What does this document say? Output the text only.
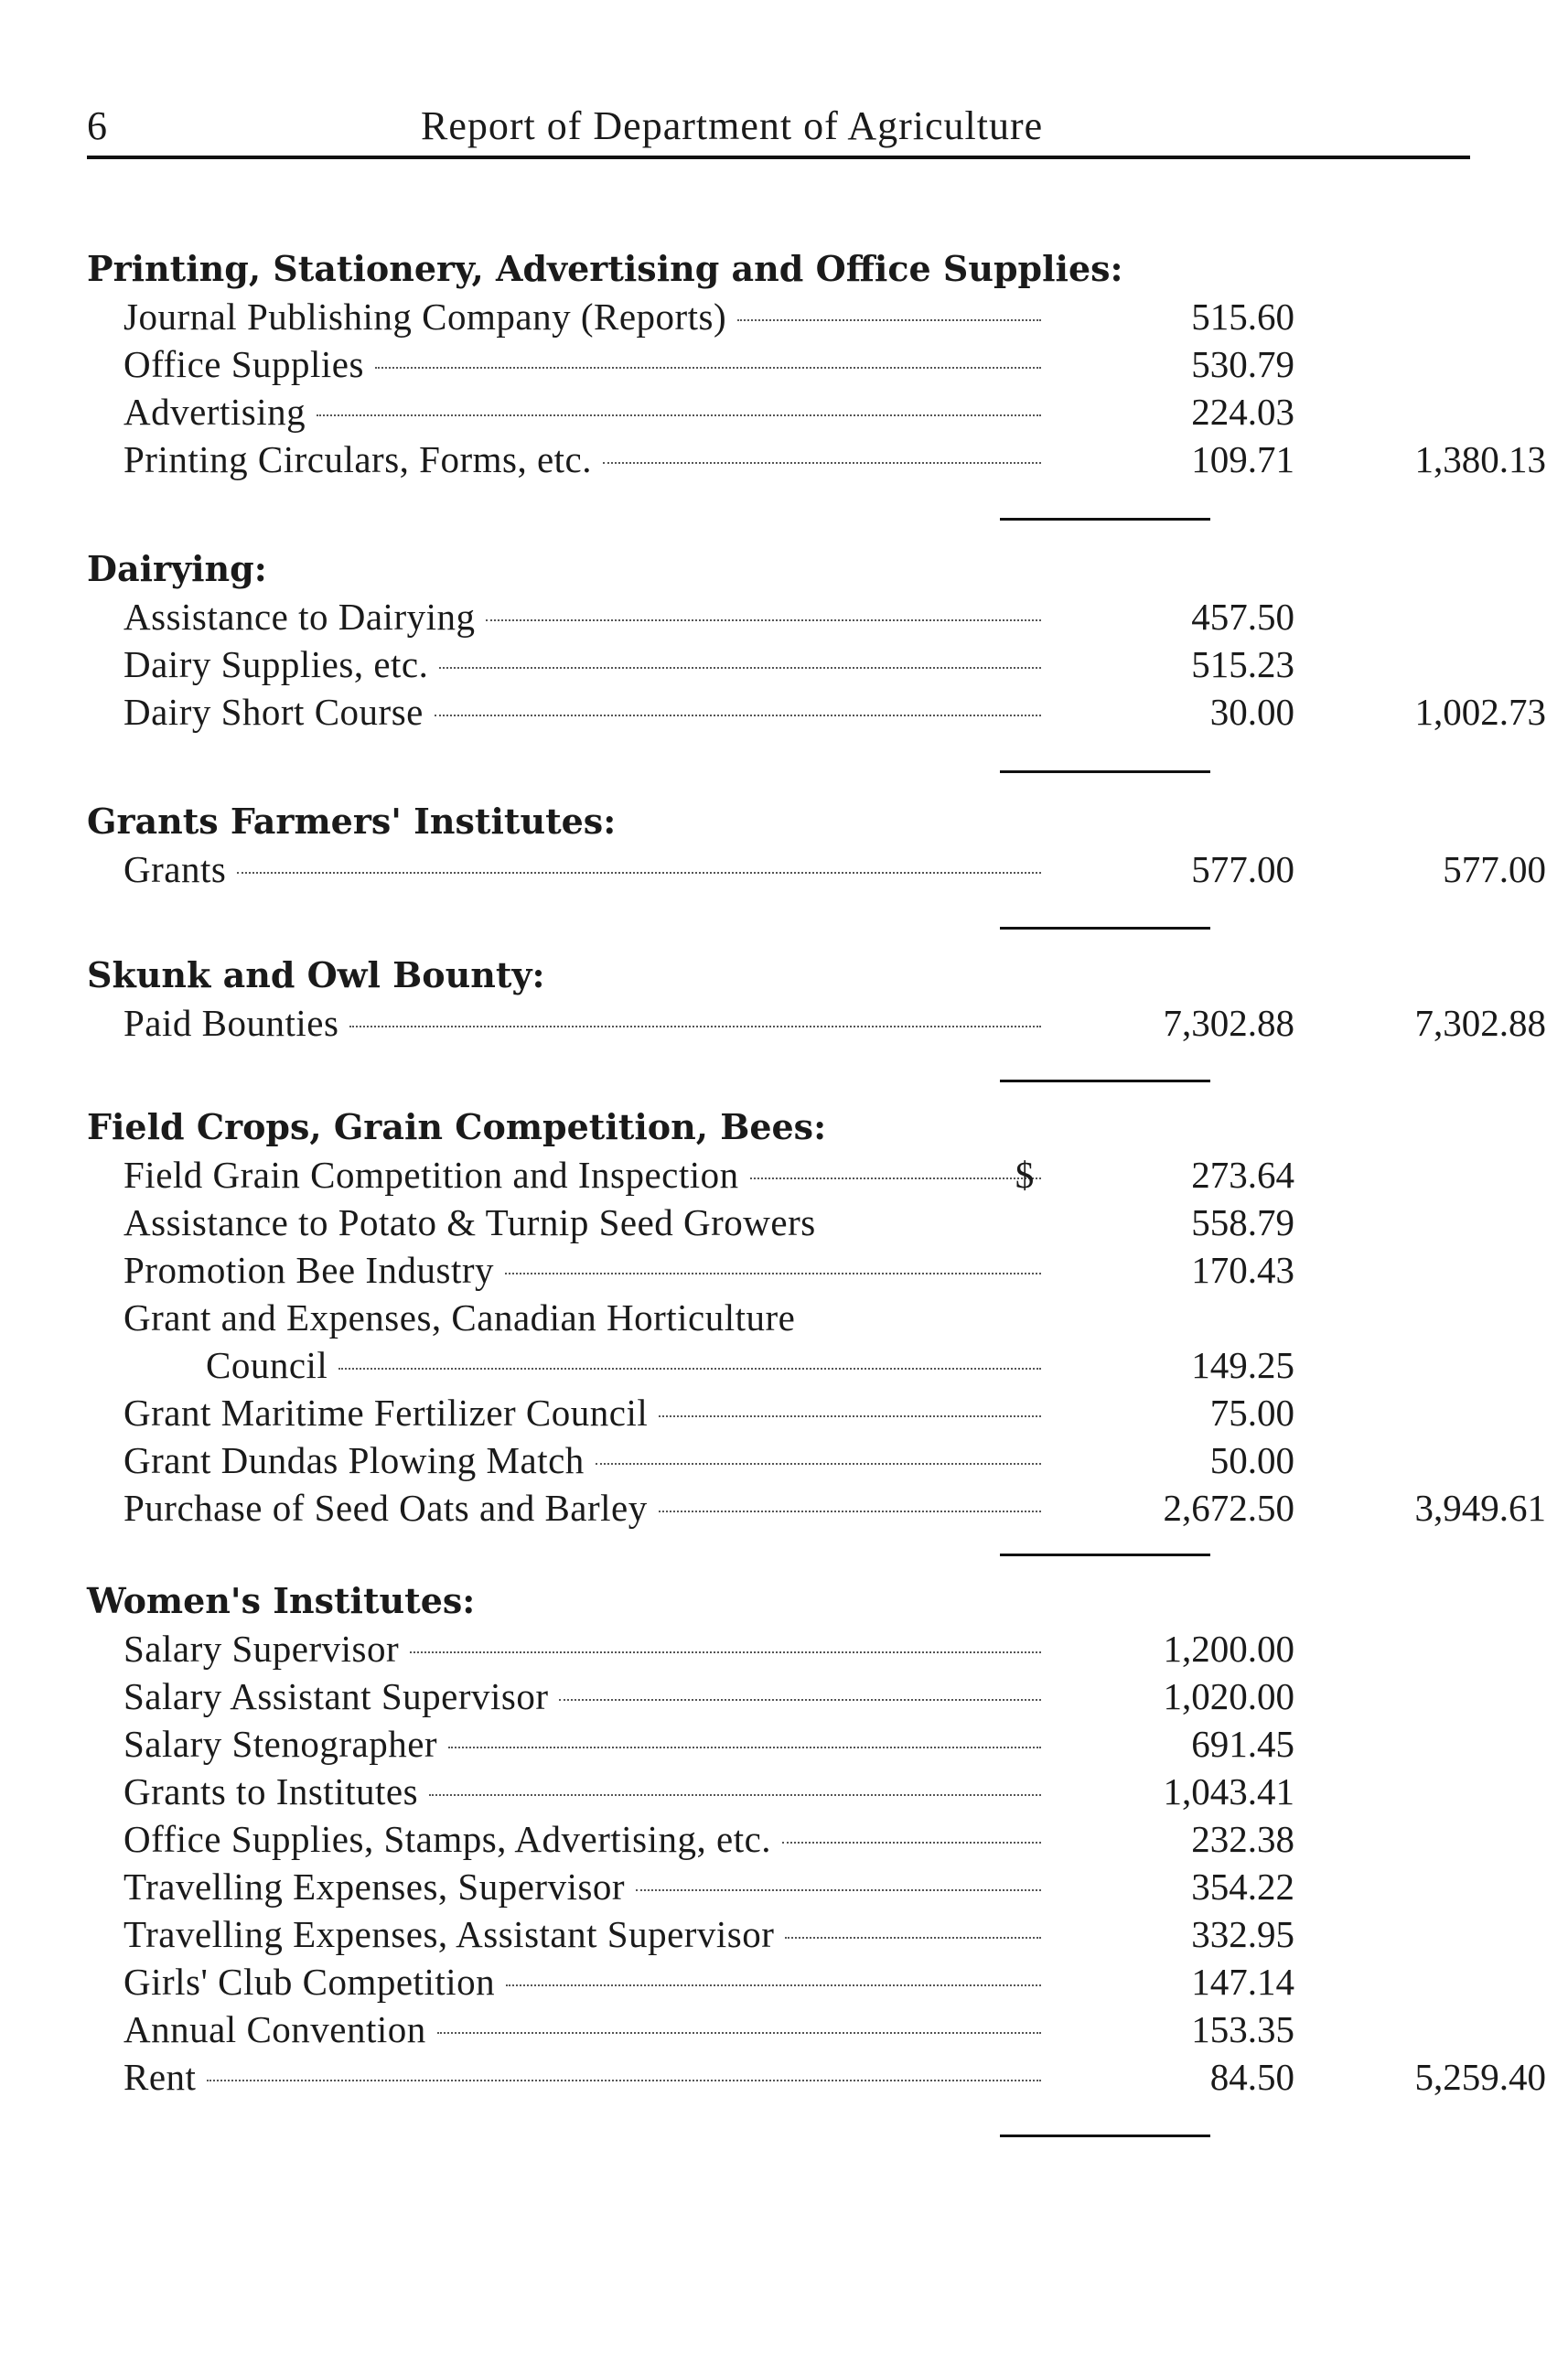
6	Report of Department of Agriculture
Printing, Stationery, Advertising and Office Supplies:
Journal Publishing Company (Reports)	515.60
Office Supplies	530.79
Advertising	224.03
Printing Circulars, Forms, etc.	109.71	1,380.13
Dairying:
Assistance to Dairying	457.50
Dairy Supplies, etc.	515.23
Dairy Short Course	30.00	1,002.73
Grants Farmers' Institutes:
Grants	577.00	577.00
Skunk and Owl Bounty:
Paid Bounties	7,302.88	7,302.88
Field Crops, Grain Competition, Bees:
Field Grain Competition and Inspection	$	273.64
Assistance to Potato & Turnip Seed Growers	558.79
Promotion Bee Industry	170.43
Grant and Expenses, Canadian Horticulture
Council	149.25
Grant Maritime Fertilizer Council	75.00
Grant Dundas Plowing Match	50.00
Purchase of Seed Oats and Barley	2,672.50	3,949.61
Women's Institutes:
Salary Supervisor	1,200.00
Salary Assistant Supervisor	1,020.00
Salary Stenographer	691.45
Grants to Institutes	1,043.41
Office Supplies, Stamps, Advertising, etc.	232.38
Travelling Expenses, Supervisor	354.22
Travelling Expenses, Assistant Supervisor	332.95
Girls' Club Competition	147.14
Annual Convention	153.35
Rent	84.50	5,259.40
